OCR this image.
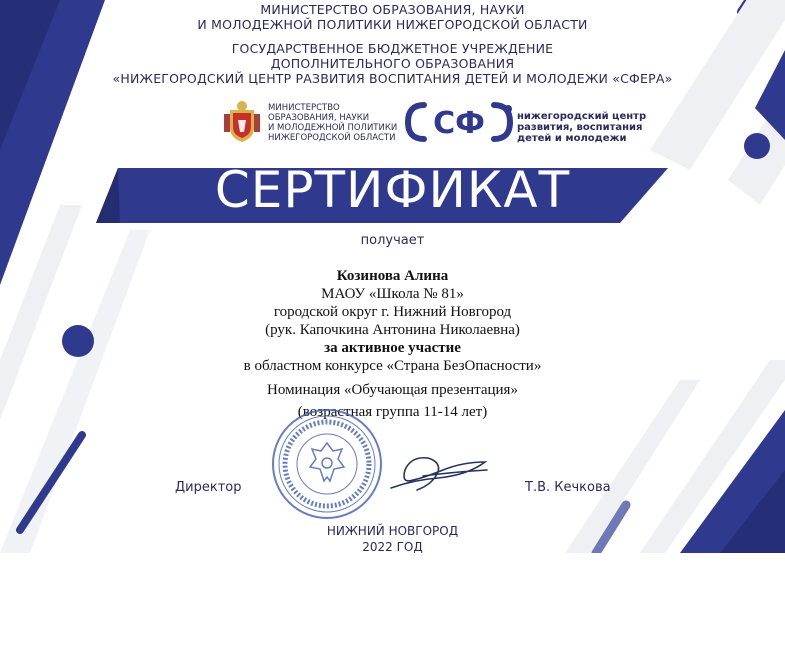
МИНИСТЕРСТВО ОБРАЗОВАНИЯ, НАУКИ
И МОЛОДЕЖНОЙ ПОЛИТИКИ НИЖЕГОРОДСКОЙ ОБЛАСТИ
ГОСУДАРСТВЕННОЕ БЮДЖЕТНОЕ УЧРЕЖДЕНИЕ
ДОПОЛНИТЕЛЬНОГО ОБРАЗОВАНИЯ
«НИЖЕГОРОДСКИЙ ЦЕНТР РАЗВИТИЯ ВОСПИТАНИЯ ДЕТЕЙ И МОЛОДЕЖИ «СФЕРА»
МИНИСТЕРСТВО
ОБРАЗОВАНИЯ, НАУКИ
И МОЛОДЕЖНОЙ ПОЛИТИКИ
НИЖЕГОРОДСКОЙ ОБЛАСТИ СФ	нижегородский центр
развития, воспитания
детей и молодежи
СЕРТИФИКАТ
получает
Козинова Алина
МАОУ «Школа № 81»
городской округ г. Нижний Новгород
(рук. Капочкина Антонина Николаевна)
за активное участие
в областном конкурсе «Страна БезОпасности»
Номинация «Обучающая презентация»
(возрастная группа 11-14 лет)
Директор	Т.В. Кечкова
НИЖНИЙ НОВГОРОД
2022 ГОД
